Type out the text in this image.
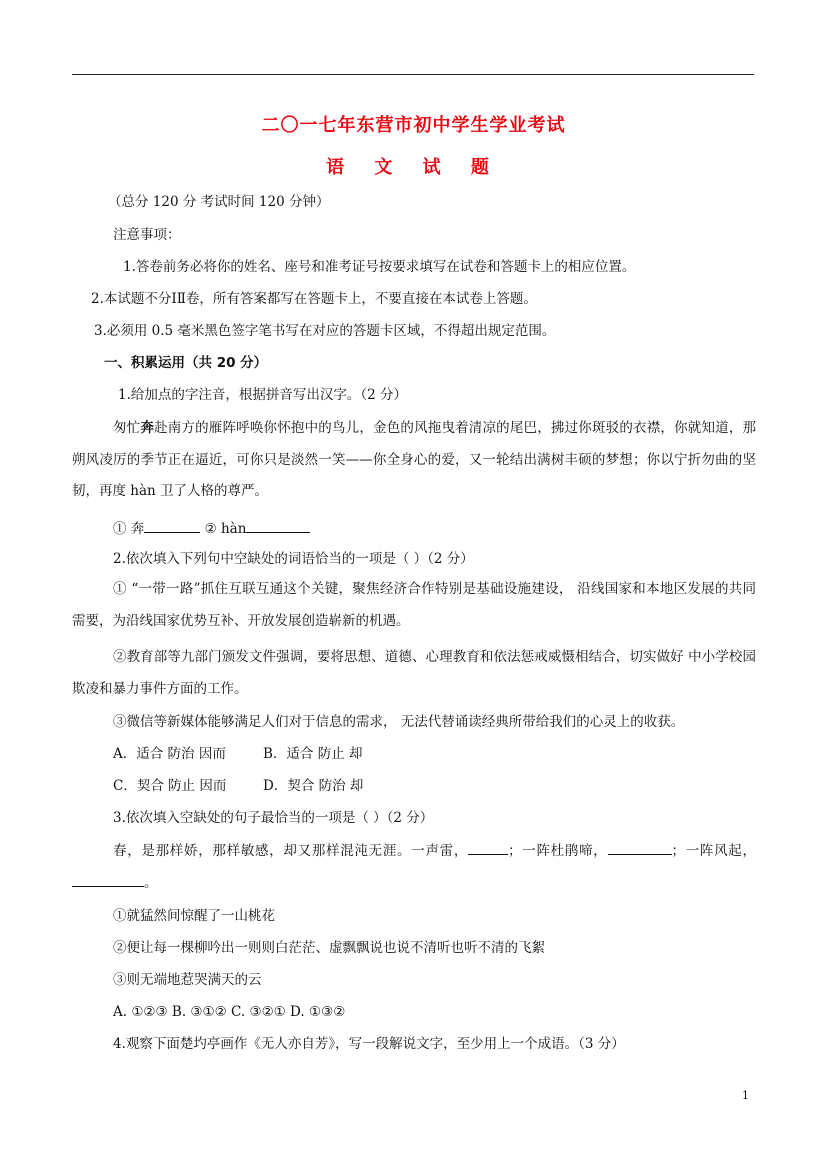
二〇一七年东营市初中学生学业考试
语 文 试 题
（总分 120 分 考试时间 120 分钟）
注意事项：
1.答卷前务必将你的姓名、座号和准考证号按要求填写在试卷和答题卡上的相应位置。
2.本试题不分ⅠⅡ卷，所有答案都写在答题卡上，不要直接在本试卷上答题。
3.必须用 0.5 毫米黑色签字笔书写在对应的答题卡区域，不得超出规定范围。
一、积累运用（共 20 分）
1.给加点的字注音，根据拼音写出汉字。（2 分）
匆忙奔赴南方的雁阵呼唤你怀抱中的鸟儿，金色的风拖曳着清凉的尾巴，拂过你斑驳的衣襟，你就知道，那朔风凌厉的季节正在逼近，可你只是淡然一笑——你全身心的爱，又一轮结出满树丰硕的梦想；你以宁折勿曲的坚韧，再度 hàn 卫了人格的尊严。
① 奔	② hàn
2.依次填入下列句中空缺处的词语恰当的一项是（ ）（2 分）
① “一带一路”抓住互联互通这个关键，聚焦经济合作特别是基础设施建设， 沿线国家和本地区发展的共同需要，为沿线国家优势互补、开放发展创造崭新的机遇。
②教育部等九部门颁发文件强调，要将思想、道德、心理教育和依法惩戒威慑相结合，切实做好 中小学校园欺凌和暴力事件方面的工作。
③微信等新媒体能够满足人们对于信息的需求， 无法代替诵读经典所带给我们的心灵上的收获。
A．适合 防治 因而	B．适合 防止 却
C．契合 防止 因而	D．契合 防治 却
3.依次填入空缺处的句子最恰当的一项是（ ）（2 分）
春，是那样娇，那样敏感，却又那样混沌无涯。一声雷，	；一阵杜鹃啼，	；一阵风起，。
①就猛然间惊醒了一山桃花
②便让每一棵柳吟出一则则白茫茫、虚飘飘说也说不清听也听不清的飞絮
③则无端地惹哭满天的云
A. ①②③ B. ③①② C. ③②① D. ①③②
4.观察下面楚圴亭画作《无人亦自芳》，写一段解说文字，至少用上一个成语。（3 分）
1
